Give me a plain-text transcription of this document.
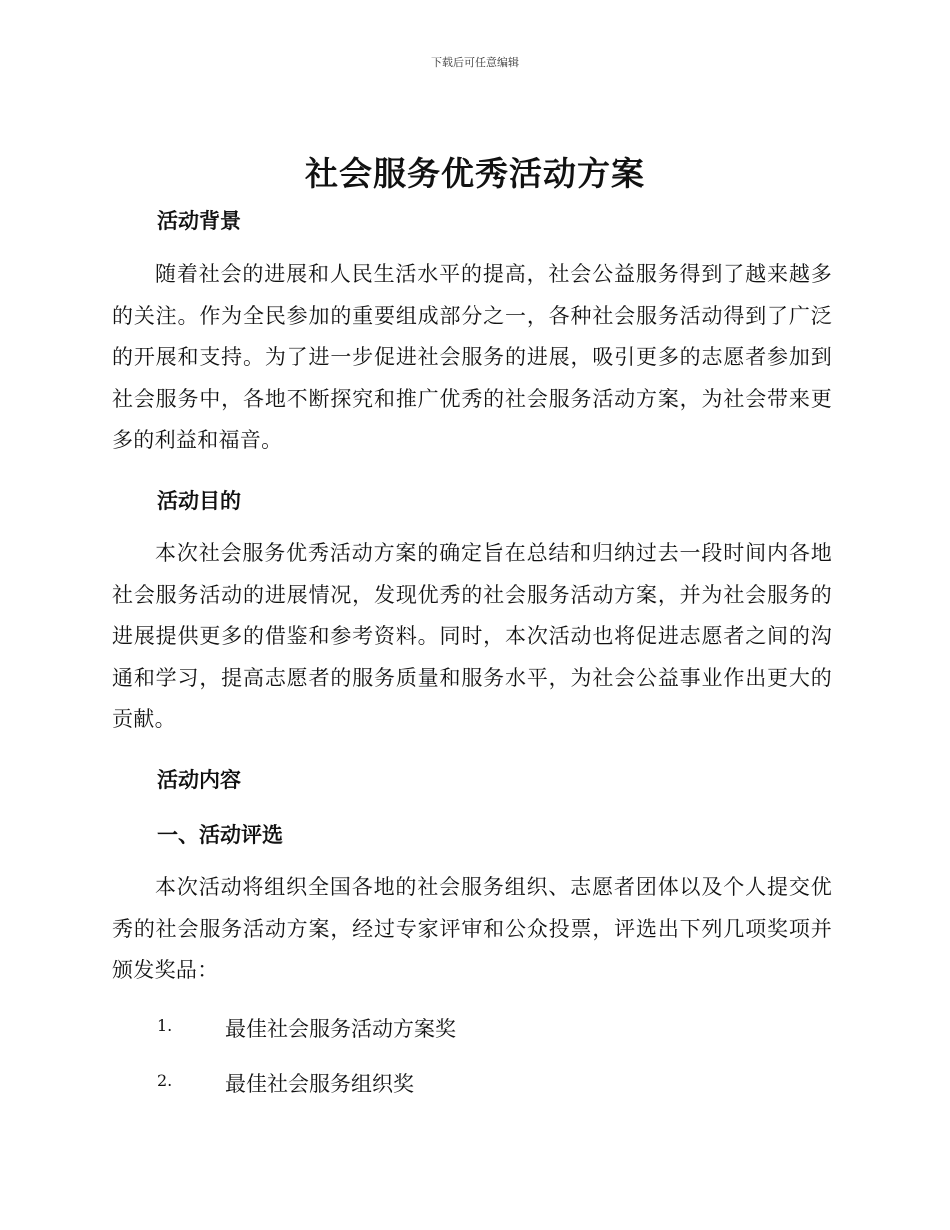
下载后可任意编辑
社会服务优秀活动方案
活动背景
随着社会的进展和人民生活水平的提高，社会公益服务得到了越来越多的关注。作为全民参加的重要组成部分之一，各种社会服务活动得到了广泛的开展和支持。为了进一步促进社会服务的进展，吸引更多的志愿者参加到社会服务中，各地不断探究和推广优秀的社会服务活动方案，为社会带来更多的利益和福音。
活动目的
本次社会服务优秀活动方案的确定旨在总结和归纳过去一段时间内各地社会服务活动的进展情况，发现优秀的社会服务活动方案，并为社会服务的进展提供更多的借鉴和参考资料。同时，本次活动也将促进志愿者之间的沟通和学习，提高志愿者的服务质量和服务水平，为社会公益事业作出更大的贡献。
活动内容
一、活动评选
本次活动将组织全国各地的社会服务组织、志愿者团体以及个人提交优秀的社会服务活动方案，经过专家评审和公众投票，评选出下列几项奖项并颁发奖品：
1.	最佳社会服务活动方案奖
2.	最佳社会服务组织奖
